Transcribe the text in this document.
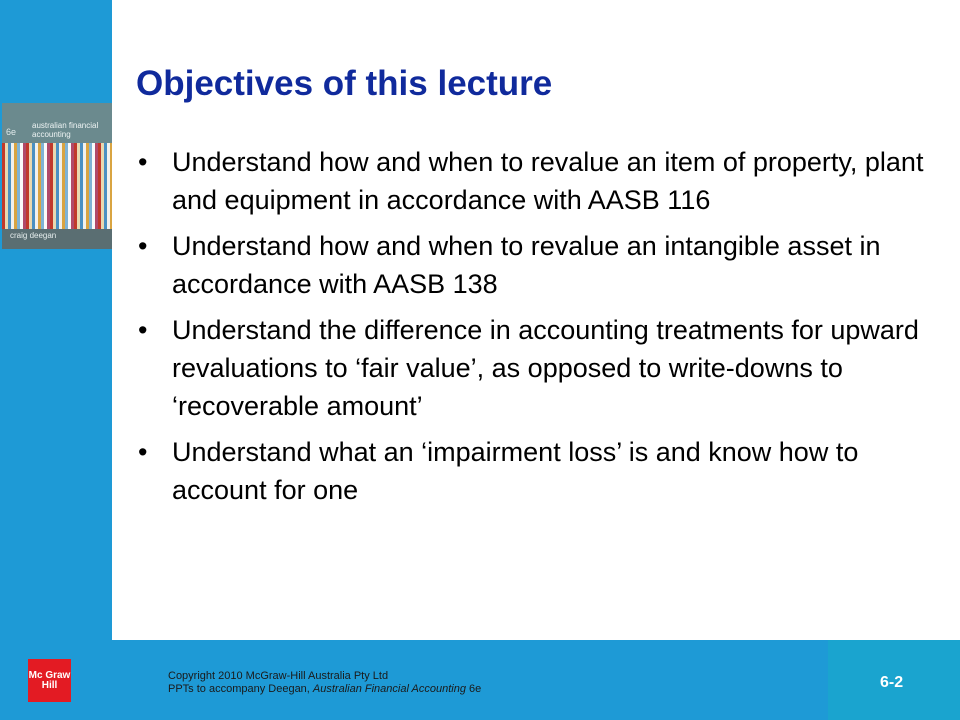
6e
australian financial accounting
craig deegan
Objectives of this lecture
• Understand how and when to revalue an item of property, plant and equipment in accordance with AASB 116
• Understand how and when to revalue an intangible asset in accordance with AASB 138
• Understand the difference in accounting treatments for upward revaluations to ‘fair value’, as opposed to write-downs to ‘recoverable amount’
• Understand what an ‘impairment loss’ is and know how to account for one
Mc Graw Hill
Copyright 2010 McGraw-Hill Australia Pty Ltd
PPTs to accompany Deegan, Australian Financial Accounting 6e	6-2
